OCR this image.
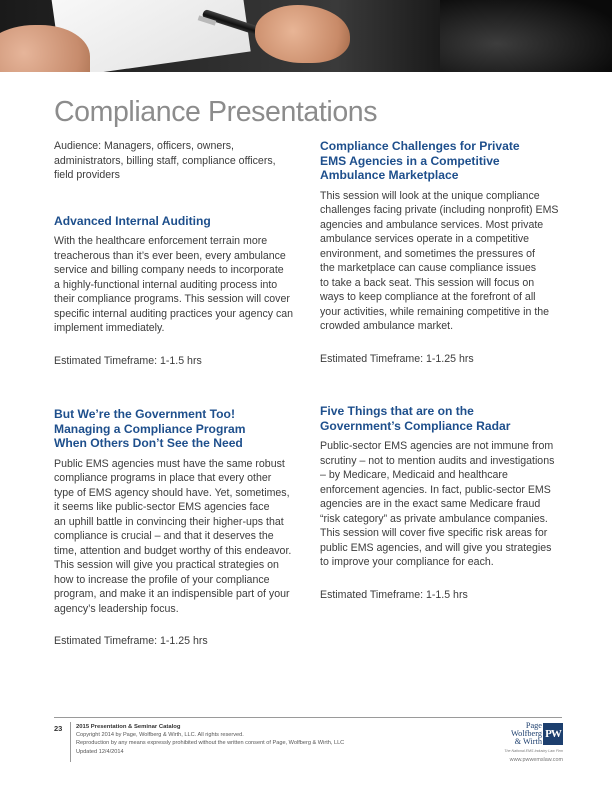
Compliance Presentations

Audience: Managers, officers, owners,
administrators, billing staff, compliance officers,
field providers

Advanced Internal Auditing

With the healthcare enforcement terrain more
treacherous than it’s ever been, every ambulance
service and billing company needs to incorporate
a highly-functional internal auditing process into
their compliance programs. This session will cover
specific internal auditing practices your agency can
implement immediately.

Estimated Timeframe: 1-1.5 hrs

But We’re the Government Too!
Managing a Compliance Program
When Others Don’t See the Need

Public EMS agencies must have the same robust
compliance programs in place that every other
type of EMS agency should have. Yet, sometimes,
it seems like public-sector EMS agencies face
an uphill battle in convincing their higher-ups that
compliance is crucial – and that it deserves the
time, attention and budget worthy of this endeavor.
This session will give you practical strategies on
how to increase the profile of your compliance
program, and make it an indispensible part of your
agency’s leadership focus.

Estimated Timeframe: 1-1.25 hrs

Compliance Challenges for Private
EMS Agencies in a Competitive
Ambulance Marketplace

This session will look at the unique compliance
challenges facing private (including nonprofit) EMS
agencies and ambulance services. Most private
ambulance services operate in a competitive
environment, and sometimes the pressures of
the marketplace can cause compliance issues
to take a back seat. This session will focus on
ways to keep compliance at the forefront of all
your activities, while remaining competitive in the
crowded ambulance market.

Estimated Timeframe: 1-1.25 hrs

Five Things that are on the
Government’s Compliance Radar

Public-sector EMS agencies are not immune from
scrutiny – not to mention audits and investigations
– by Medicare, Medicaid and healthcare
enforcement agencies. In fact, public-sector EMS
agencies are in the exact same Medicare fraud
“risk category” as private ambulance companies.
This session will cover five specific risk areas for
public EMS agencies, and will give you strategies
to improve your compliance for each.

Estimated Timeframe: 1-1.5 hrs

23 2015 Presentation & Seminar Catalog
Copyright 2014 by Page, Wolfberg & Wirth, LLC. All rights reserved.
Reproduction by any means expressly prohibited without the written consent of Page, Wolfberg & Wirth, LLC
Updated 12/4/2014
Page
Wolfberg
& Wirth
PW
The National EMS Industry Law Firm
www.pwwemslaw.com
